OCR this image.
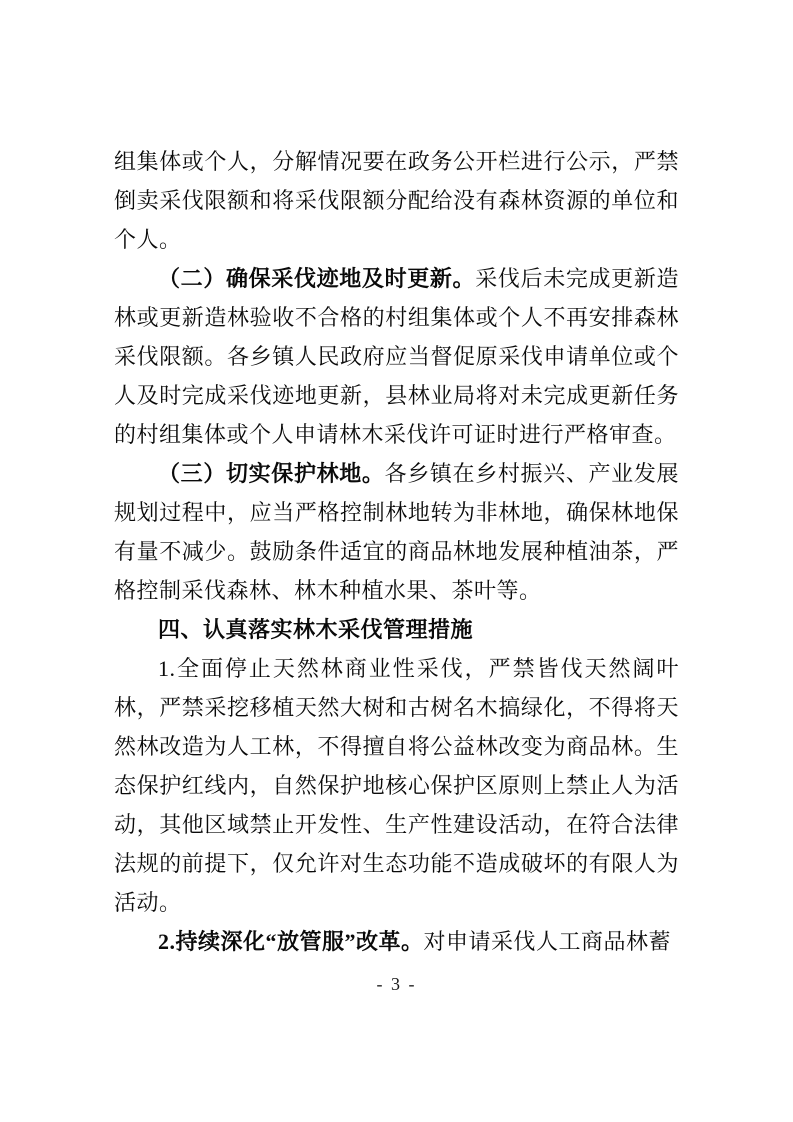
组集体或个人，分解情况要在政务公开栏进行公示，严禁倒卖采伐限额和将采伐限额分配给没有森林资源的单位和个人。

（二）确保采伐迹地及时更新。采伐后未完成更新造林或更新造林验收不合格的村组集体或个人不再安排森林采伐限额。各乡镇人民政府应当督促原采伐申请单位或个人及时完成采伐迹地更新，县林业局将对未完成更新任务的村组集体或个人申请林木采伐许可证时进行严格审查。

（三）切实保护林地。各乡镇在乡村振兴、产业发展规划过程中，应当严格控制林地转为非林地，确保林地保有量不减少。鼓励条件适宜的商品林地发展种植油茶，严格控制采伐森林、林木种植水果、茶叶等。

四、认真落实林木采伐管理措施

1.全面停止天然林商业性采伐，严禁皆伐天然阔叶林，严禁采挖移植天然大树和古树名木搞绿化，不得将天然林改造为人工林，不得擅自将公益林改变为商品林。生态保护红线内，自然保护地核心保护区原则上禁止人为活动，其他区域禁止开发性、生产性建设活动，在符合法律法规的前提下，仅允许对生态功能不造成破坏的有限人为活动。

2.持续深化“放管服”改革。对申请采伐人工商品林蓄

- 3 -
